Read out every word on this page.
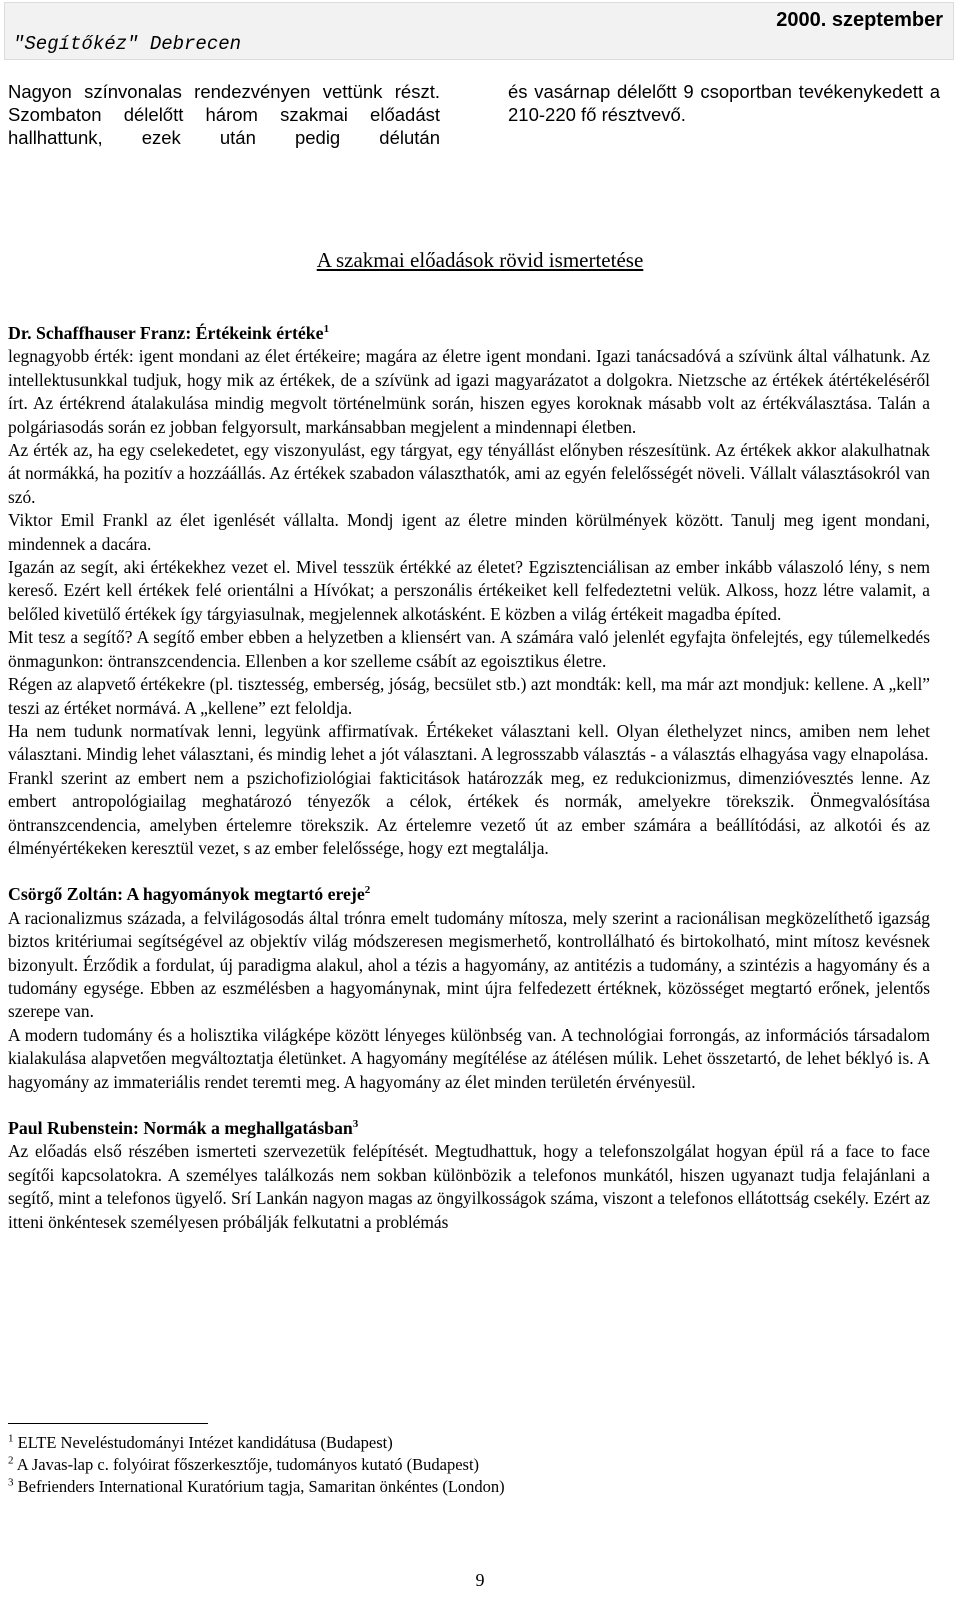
"Segítőkéz" Debrecen
2000. szeptember
Nagyon színvonalas rendezvényen vettünk részt. Szombaton délelőtt három szakmai előadást hallhattunk, ezek után pedig délután
és vasárnap délelőtt 9 csoportban tevékenykedett a 210-220 fő résztvevő.
A szakmai előadások rövid ismertetése

Dr. Schaffhauser Franz: Értékeink értéke$^1$

legnagyobb érték: igent mondani az élet értékeire; magára az életre igent mondani. Igazi tanácsadóvá a szívünk által válhatunk. Az intellektusunkkal tudjuk, hogy mik az értékek, de a szívünk ad igazi magyarázatot a dolgokra. Nietzsche az értékek átértékeléséről írt. Az értékrend átalakulása mindig megvolt történelmünk során, hiszen egyes koroknak másabb volt az értékválasztása. Talán a polgáriasodás során ez jobban felgyorsult, markánsabban megjelent a mindennapi életben.

Az érték az, ha egy cselekedetet, egy viszonyulást, egy tárgyat, egy tényállást előnyben részesítünk. Az értékek akkor alakulhatnak át normákká, ha pozitív a hozzáállás. Az értékek szabadon választhatók, ami az egyén felelősségét növeli. Vállalt választásokról van szó.

Viktor Emil Frankl az élet igenlését vállalta. Mondj igent az életre minden körülmények között. Tanulj meg igent mondani, mindennek a dacára.

Igazán az segít, aki értékekhez vezet el. Mivel tesszük értékké az életet? Egzisztenciálisan az ember inkább válaszoló lény, s nem kereső. Ezért kell értékek felé orientálni a Hívókat; a perszonális értékeiket kell felfedeztetni velük. Alkoss, hozz létre valamit, a belőled kivetülő értékek így tárgyiasulnak, megjelennek alkotásként. E közben a világ értékeit magadba építed.

Mit tesz a segítő? A segítő ember ebben a helyzetben a kliensért van. A számára való jelenlét egyfajta önfelejtés, egy túlemelkedés önmagunkon: öntranszcendencia. Ellenben a kor szelleme csábít az egoisztikus életre.

Régen az alapvető értékekre (pl. tisztesség, emberség, jóság, becsület stb.) azt mondták: kell, ma már azt mondjuk: kellene. A „kell” teszi az értéket normává. A „kellene” ezt feloldja.

Ha nem tudunk normatívak lenni, legyünk affirmatívak. Értékeket választani kell. Olyan élethelyzet nincs, amiben nem lehet választani. Mindig lehet választani, és mindig lehet a jót választani. A legrosszabb választás - a választás elhagyása vagy elnapolása.

Frankl szerint az embert nem a pszichofiziológiai fakticitások határozzák meg, ez redukcionizmus, dimenzióvesztés lenne. Az embert antropológiailag meghatározó tényezők a célok, értékek és normák, amelyekre törekszik. Önmegvalósítása öntranszcendencia, amelyben értelemre törekszik. Az értelemre vezető út az ember számára a beállítódási, az alkotói és az élményértékeken keresztül vezet, s az ember felelőssége, hogy ezt megtalálja.

Csörgő Zoltán: A hagyományok megtartó ereje$^2$

A racionalizmus százada, a felvilágosodás által trónra emelt tudomány mítosza, mely szerint a racionálisan megközelíthető igazság biztos kritériumai segítségével az objektív világ módszeresen megismerhető, kontrollálható és birtokolható, mint mítosz kevésnek bizonyult. Érződik a fordulat, új paradigma alakul, ahol a tézis a hagyomány, az antitézis a tudomány, a szintézis a hagyomány és a tudomány egysége. Ebben az eszmélésben a hagyománynak, mint újra felfedezett értéknek, közösséget megtartó erőnek, jelentős szerepe van.

A modern tudomány és a holisztika világképe között lényeges különbség van. A technológiai forrongás, az információs társadalom kialakulása alapvetően megváltoztatja életünket. A hagyomány megítélése az átélésen múlik. Lehet összetartó, de lehet béklyó is. A hagyomány az immateriális rendet teremti meg. A hagyomány az élet minden területén érvényesül.

Paul Rubenstein: Normák a meghallgatásban$^3$

Az előadás első részében ismerteti szervezetük felépítését. Megtudhattuk, hogy a telefonszolgálat hogyan épül rá a face to face segítői kapcsolatokra. A személyes találkozás nem sokban különbözik a telefonos munkától, hiszen ugyanazt tudja felajánlani a segítő, mint a telefonos ügyelő. Srí Lankán nagyon magas az öngyilkosságok száma, viszont a telefonos ellátottság csekély. Ezért az itteni önkéntesek személyesen próbálják felkutatni a problémás

$^1$ ELTE Neveléstudományi Intézet kandidátusa (Budapest)
$^2$ A Javas-lap c. folyóirat főszerkesztője, tudományos kutató (Budapest)
$^3$ Befrienders International Kuratórium tagja, Samaritan önkéntes (London)
9
